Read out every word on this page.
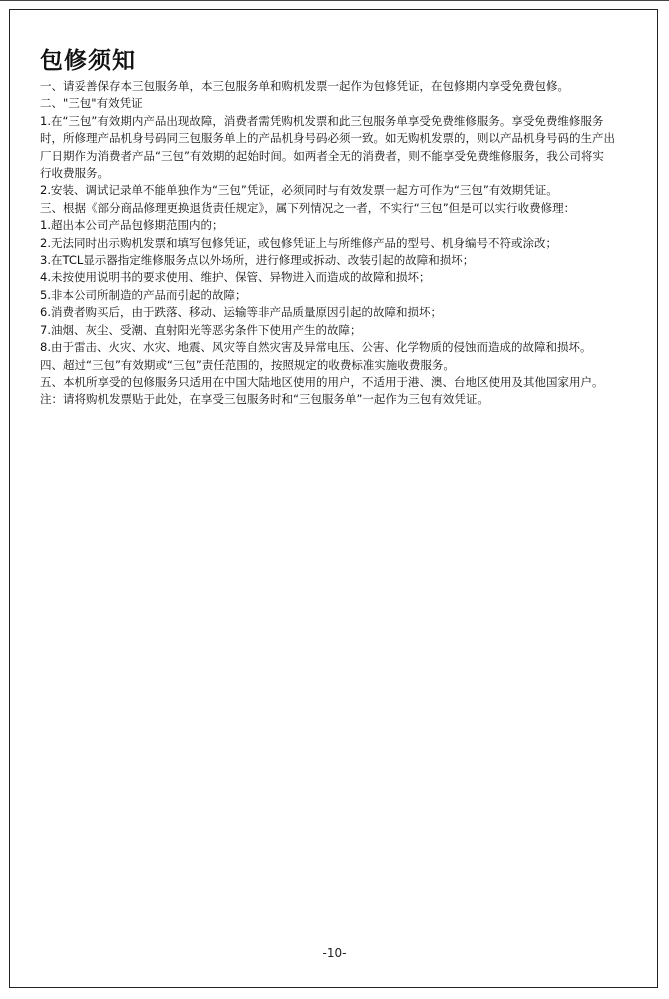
包修须知

一、请妥善保存本三包服务单，本三包服务单和购机发票一起作为包修凭证，在包修期内享受免费包修。

二、"三包"有效凭证

1.在“三包”有效期内产品出现故障，消费者需凭购机发票和此三包服务单享受免费维修服务。享受免费维修服务时，所修理产品机身号码同三包服务单上的产品机身号码必须一致。如无购机发票的，则以产品机身号码的生产出厂日期作为消费者产品“三包”有效期的起始时间。如两者全无的消费者，则不能享受免费维修服务，我公司将实行收费服务。

2.安装、调试记录单不能单独作为“三包”凭证，必须同时与有效发票一起方可作为“三包”有效期凭证。

三、根据《部分商品修理更换退货责任规定》，属下列情况之一者，不实行“三包”但是可以实行收费修理：

1.超出本公司产品包修期范围内的；

2.无法同时出示购机发票和填写包修凭证，或包修凭证上与所维修产品的型号、机身编号不符或涂改；

3.在TCL显示器指定维修服务点以外场所，进行修理或拆动、改装引起的故障和损坏；

4.未按使用说明书的要求使用、维护、保管、异物进入而造成的故障和损坏；

5.非本公司所制造的产品而引起的故障；

6.消费者购买后，由于跌落、移动、运输等非产品质量原因引起的故障和损坏；

7.油烟、灰尘、受潮、直射阳光等恶劣条件下使用产生的故障；

8.由于雷击、火灾、水灾、地震、风灾等自然灾害及异常电压、公害、化学物质的侵蚀而造成的故障和损坏。

四、超过“三包”有效期或“三包”责任范围的，按照规定的收费标准实施收费服务。

五、本机所享受的包修服务只适用在中国大陆地区使用的用户，不适用于港、澳、台地区使用及其他国家用户。

注：请将购机发票贴于此处，在享受三包服务时和“三包服务单”一起作为三包有效凭证。

-10-
